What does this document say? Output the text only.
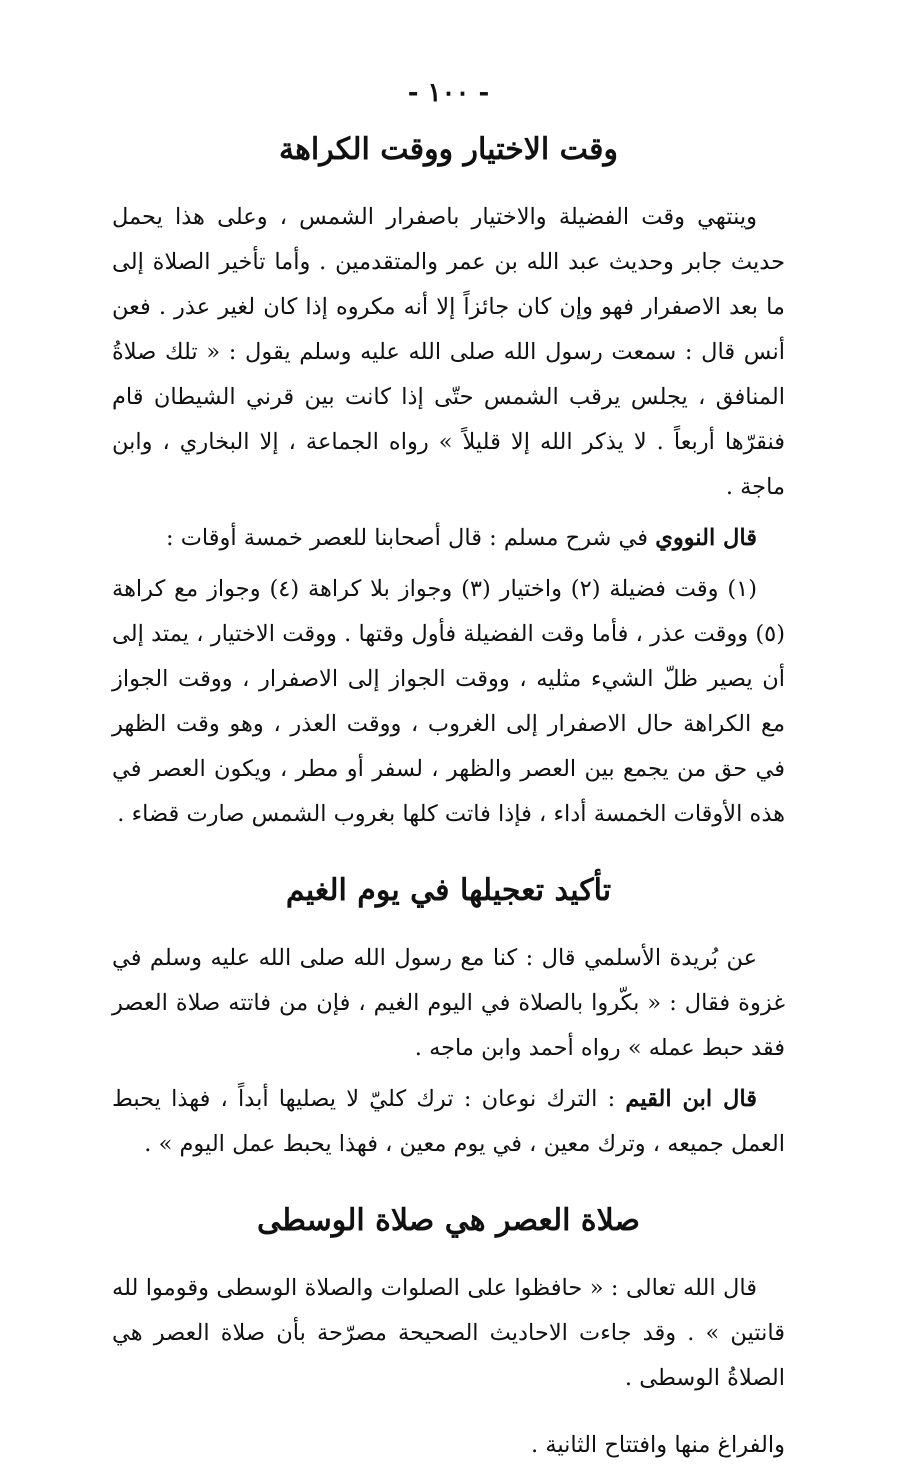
- ١٠٠ -
وقت الاختيار ووقت الكراهة

وينتهي وقت الفضيلة والاختيار باصفرار الشمس ، وعلى هذا يحمل حديث جابر وحديث عبد الله بن عمر والمتقدمين . وأما تأخير الصلاة إلى ما بعد الاصفرار فهو وإن كان جائزاً إلا أنه مكروه إذا كان لغير عذر . فعن أنس قال : سمعت رسول الله صلى الله عليه وسلم يقول : « تلك صلاةُ المنافق ، يجلس يرقب الشمس حتّى إذا كانت بين قرني الشيطان قام فنقرّها أربعاً . لا يذكر الله إلا قليلاً » رواه الجماعة ، إلا البخاري ، وابن ماجة .

قال النووي في شرح مسلم : قال أصحابنا للعصر خمسة أوقات :

(١) وقت فضيلة (٢) واختيار (٣) وجواز بلا كراهة (٤) وجواز مع كراهة (٥) ووقت عذر ، فأما وقت الفضيلة فأول وقتها . ووقت الاختيار ، يمتد إلى أن يصير ظلّ الشيء مثليه ، ووقت الجواز إلى الاصفرار ، ووقت الجواز مع الكراهة حال الاصفرار إلى الغروب ، ووقت العذر ، وهو وقت الظهر في حق من يجمع بين العصر والظهر ، لسفر أو مطر ، ويكون العصر في هذه الأوقات الخمسة أداء ، فإذا فاتت كلها بغروب الشمس صارت قضاء .

تأكيد تعجيلها في يوم الغيم

عن بُريدة الأسلمي قال : كنا مع رسول الله صلى الله عليه وسلم في غزوة فقال : « بكّروا بالصلاة في اليوم الغيم ، فإن من فاتته صلاة العصر فقد حبط عمله » رواه أحمد وابن ماجه .

قال ابن القيم : الترك نوعان : ترك كليّ لا يصليها أبداً ، فهذا يحبط العمل جميعه ، وترك معين ، في يوم معين ، فهذا يحبط عمل اليوم » .

صلاة العصر هي صلاة الوسطى

قال الله تعالى : « حافظوا على الصلوات والصلاة الوسطى وقوموا لله قانتين » . وقد جاءت الاحاديث الصحيحة مصرّحة بأن صلاة العصر هي الصلاةُ الوسطى .

والفراغ منها وافتتاح الثانية .
